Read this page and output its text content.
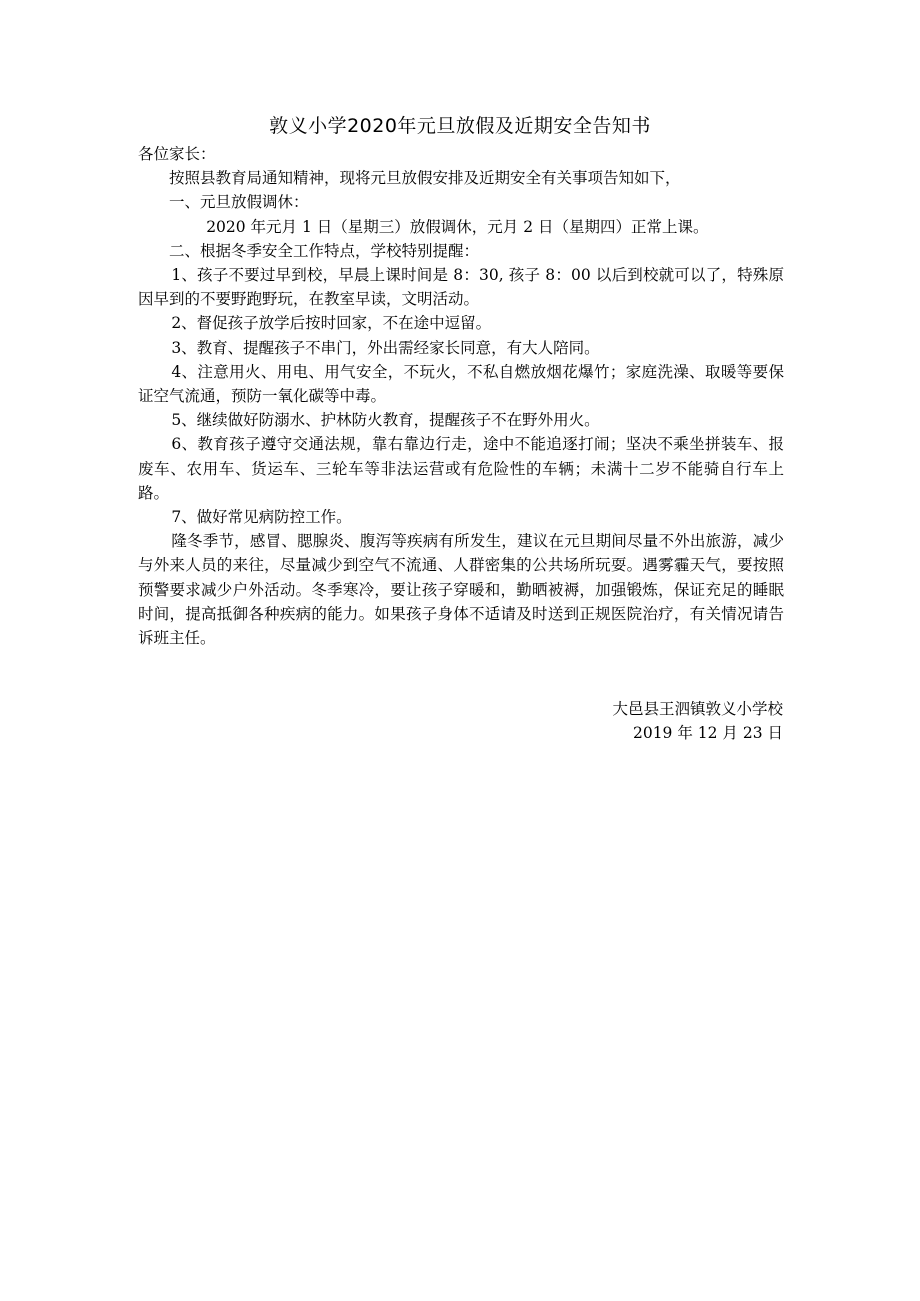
敦义小学2020年元旦放假及近期安全告知书

各位家长：

按照县教育局通知精神，现将元旦放假安排及近期安全有关事项告知如下，

一、元旦放假调休：

2020 年元月 1 日（星期三）放假调休，元月 2 日（星期四）正常上课。

二、根据冬季安全工作特点，学校特别提醒：

1、孩子不要过早到校，早晨上课时间是 8：30, 孩子 8：00 以后到校就可以了，特殊原因早到的不要野跑野玩，在教室早读，文明活动。

2、督促孩子放学后按时回家，不在途中逗留。

3、教育、提醒孩子不串门，外出需经家长同意，有大人陪同。

4、注意用火、用电、用气安全，不玩火，不私自燃放烟花爆竹；家庭洗澡、取暖等要保证空气流通，预防一氧化碳等中毒。

5、继续做好防溺水、护林防火教育，提醒孩子不在野外用火。

6、教育孩子遵守交通法规，靠右靠边行走，途中不能追逐打闹；坚决不乘坐拼装车、报废车、农用车、货运车、三轮车等非法运营或有危险性的车辆；未满十二岁不能骑自行车上路。

7、做好常见病防控工作。

隆冬季节，感冒、腮腺炎、腹泻等疾病有所发生，建议在元旦期间尽量不外出旅游，减少与外来人员的来往，尽量减少到空气不流通、人群密集的公共场所玩耍。遇雾霾天气，要按照预警要求减少户外活动。冬季寒冷，要让孩子穿暖和，勤晒被褥，加强锻炼，保证充足的睡眠时间，提高抵御各种疾病的能力。如果孩子身体不适请及时送到正规医院治疗，有关情况请告诉班主任。

大邑县王泗镇敦义小学校

2019 年 12 月 23 日
